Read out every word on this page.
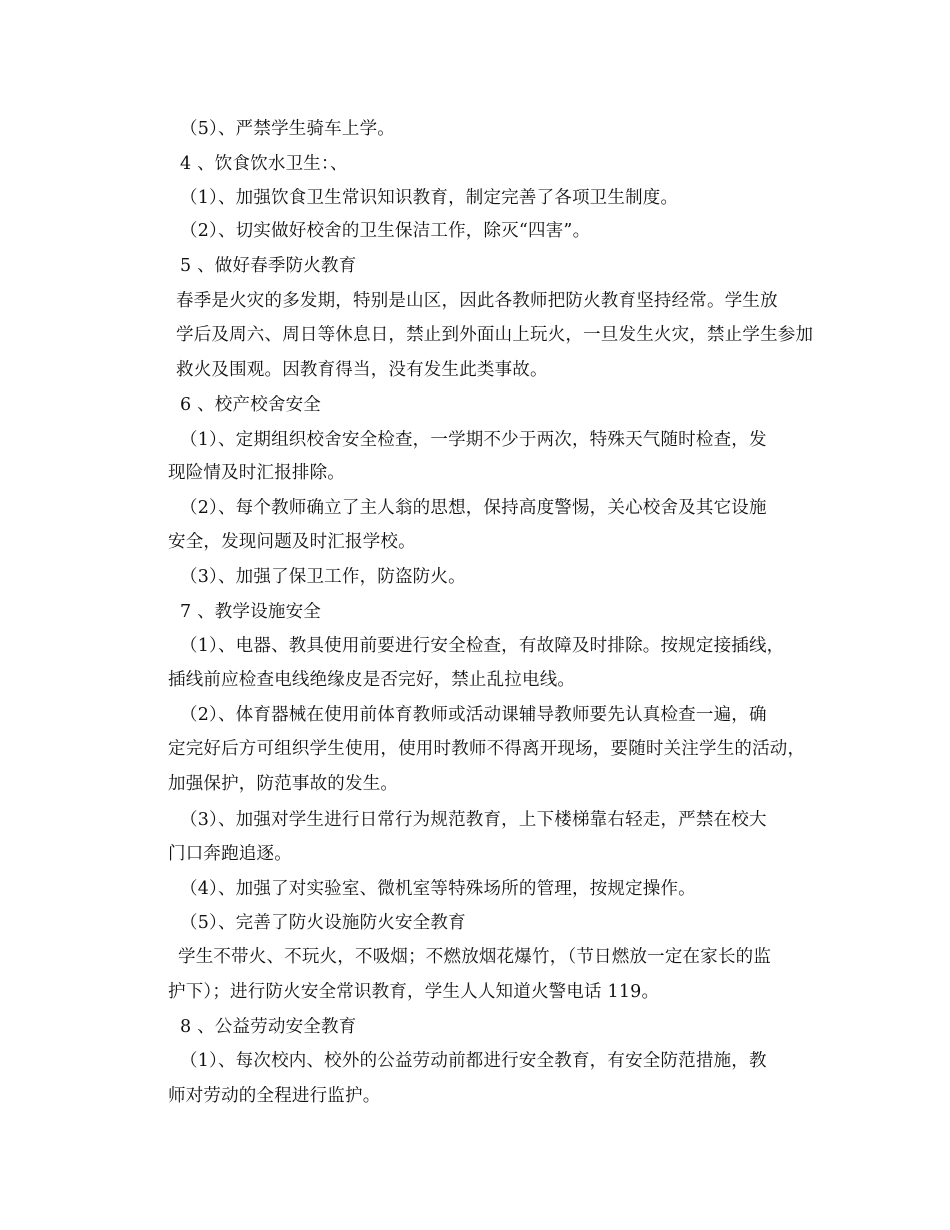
（5）、严禁学生骑车上学。
4 、饮食饮水卫生：、
（1）、加强饮食卫生常识知识教育，制定完善了各项卫生制度。
（2）、切实做好校舍的卫生保洁工作，除灭“四害”。
5 、做好春季防火教育
春季是火灾的多发期，特别是山区，因此各教师把防火教育坚持经常。学生放
学后及周六、周日等休息日，禁止到外面山上玩火，一旦发生火灾，禁止学生参加
救火及围观。因教育得当，没有发生此类事故。
6 、校产校舍安全
（1）、定期组织校舍安全检查，一学期不少于两次，特殊天气随时检查，发
现险情及时汇报排除。
（2）、每个教师确立了主人翁的思想，保持高度警惕，关心校舍及其它设施
安全，发现问题及时汇报学校。
（3）、加强了保卫工作，防盗防火。
7 、教学设施安全
（1）、电器、教具使用前要进行安全检查，有故障及时排除。按规定接插线，
插线前应检查电线绝缘皮是否完好，禁止乱拉电线。
（2）、体育器械在使用前体育教师或活动课辅导教师要先认真检查一遍，确
定完好后方可组织学生使用，使用时教师不得离开现场，要随时关注学生的活动，
加强保护，防范事故的发生。
（3）、加强对学生进行日常行为规范教育，上下楼梯靠右轻走，严禁在校大
门口奔跑追逐。
（4）、加强了对实验室、微机室等特殊场所的管理，按规定操作。
（5）、完善了防火设施防火安全教育
学生不带火、不玩火，不吸烟；不燃放烟花爆竹，（节日燃放一定在家长的监
护下）；进行防火安全常识教育，学生人人知道火警电话 119。
8 、公益劳动安全教育
（1）、每次校内、校外的公益劳动前都进行安全教育，有安全防范措施，教
师对劳动的全程进行监护。
